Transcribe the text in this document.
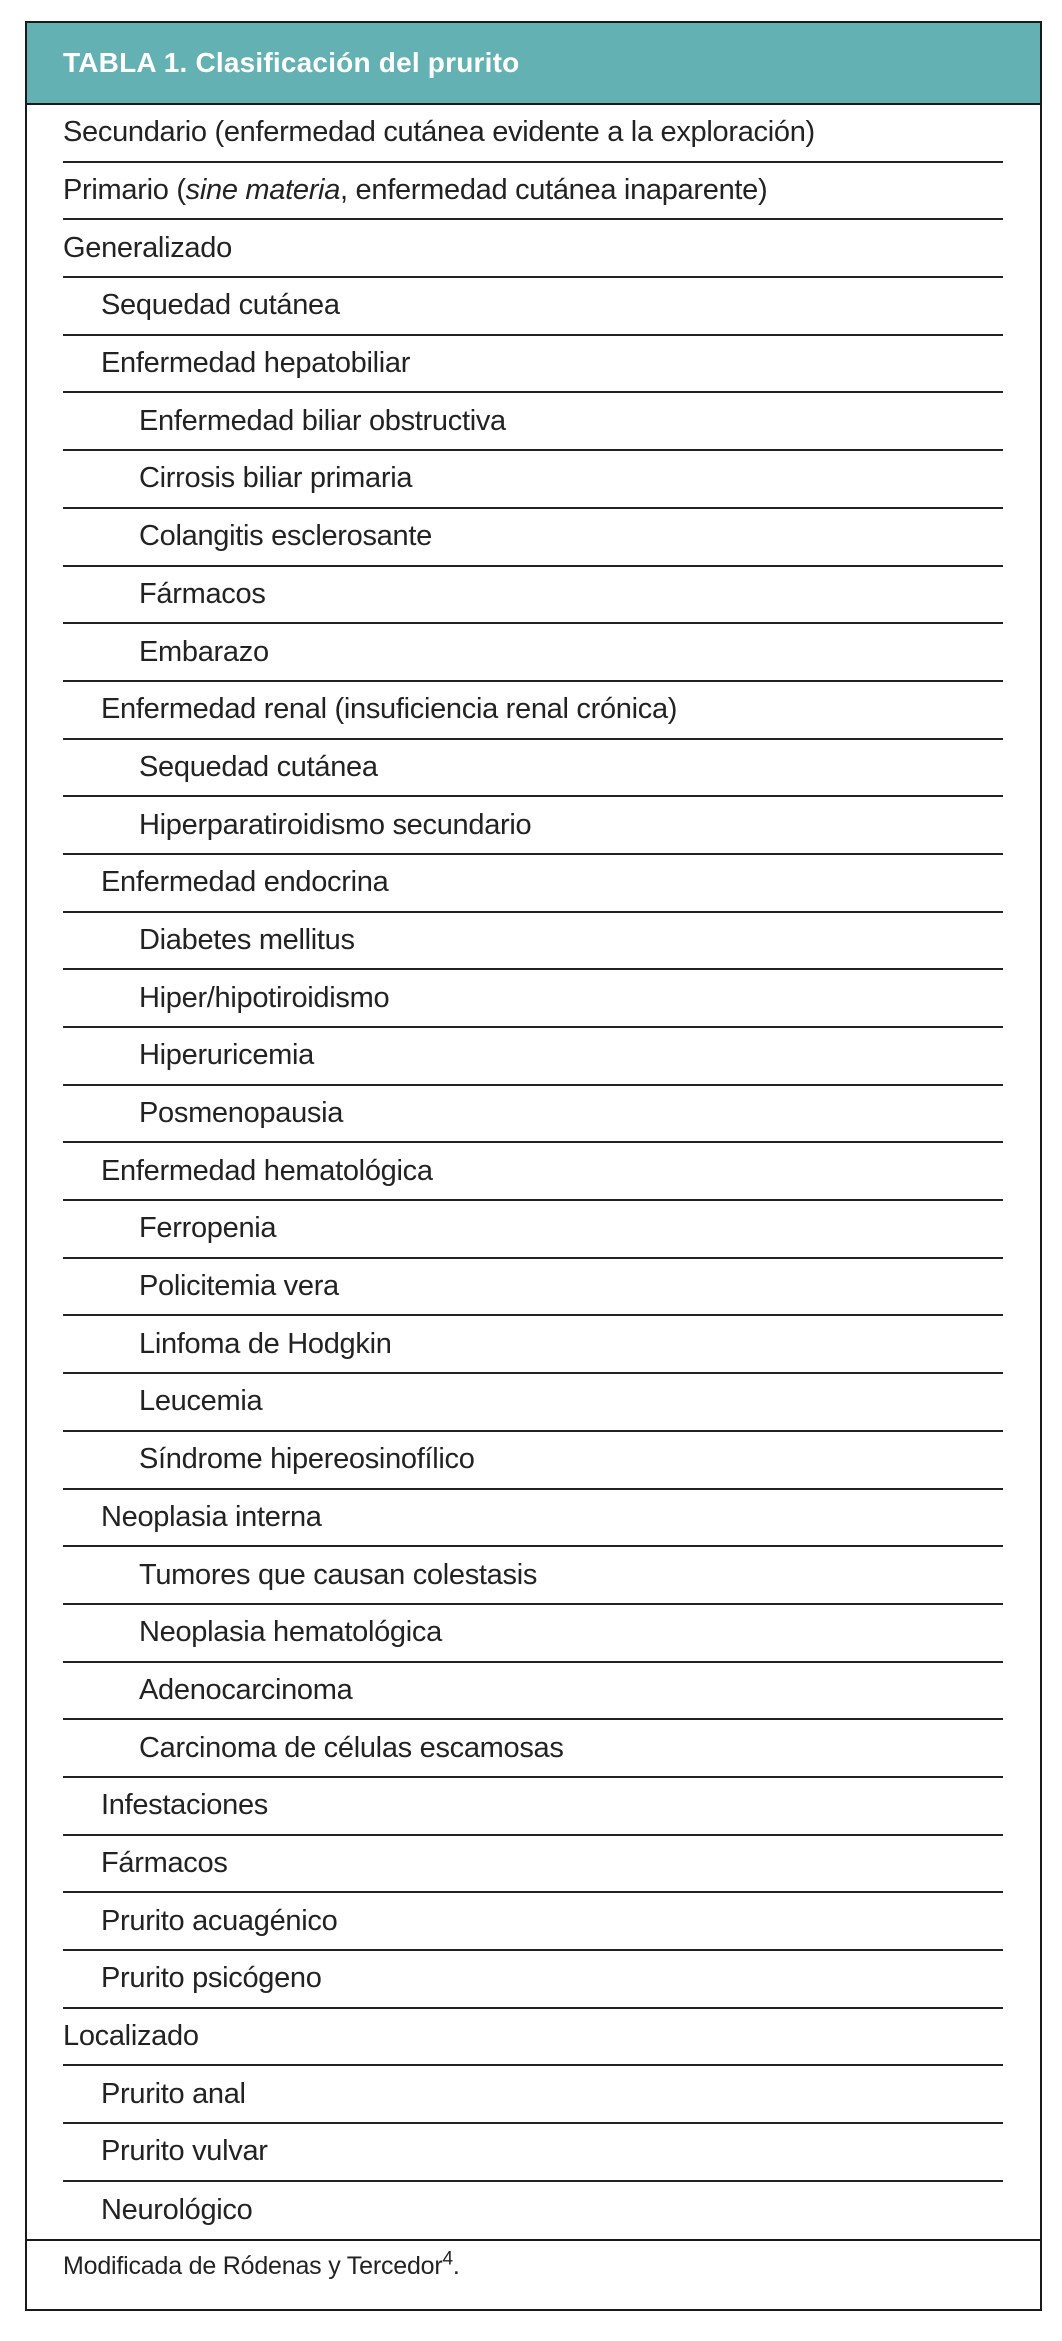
TABLA 1. Clasificación del prurito
Secundario (enfermedad cutánea evidente a la exploración)
Primario ( sine materia , enfermedad cutánea inaparente)
Generalizado
Sequedad cutánea
Enfermedad hepatobiliar
Enfermedad biliar obstructiva
Cirrosis biliar primaria
Colangitis esclerosante
Fármacos
Embarazo
Enfermedad renal (insuficiencia renal crónica)
Sequedad cutánea
Hiperparatiroidismo secundario
Enfermedad endocrina
Diabetes mellitus
Hiper/hipotiroidismo
Hiperuricemia
Posmenopausia
Enfermedad hematológica
Ferropenia
Policitemia vera
Linfoma de Hodgkin
Leucemia
Síndrome hipereosinofílico
Neoplasia interna
Tumores que causan colestasis
Neoplasia hematológica
Adenocarcinoma
Carcinoma de células escamosas
Infestaciones
Fármacos
Prurito acuagénico
Prurito psicógeno
Localizado
Prurito anal
Prurito vulvar
Neurológico
Modificada de Ródenas y Tercedor$^4$.
